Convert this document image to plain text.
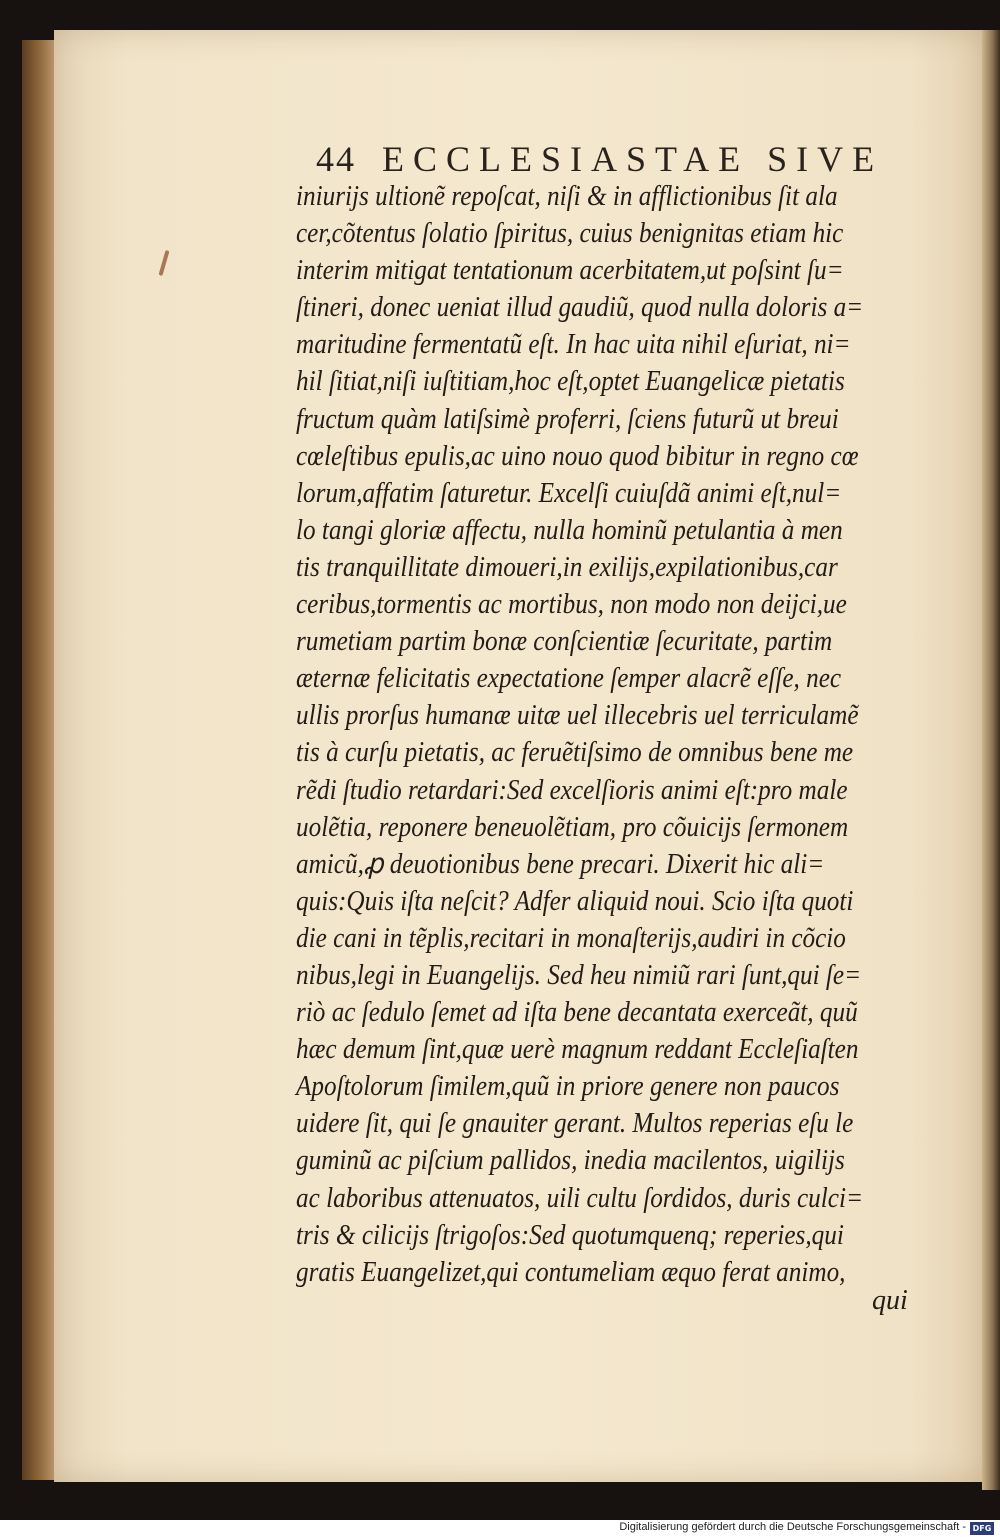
44 ECCLESIASTAE SIVE
iniurijs ultionẽ repoſcat, niſi & in afflictionibus ſit ala
cer,cõtentus ſolatio ſpiritus, cuius benignitas etiam hic
interim mitigat tentationum acerbitatem,ut poſsint ſu=
ſtineri, donec ueniat illud gaudiũ, quod nulla doloris a=
maritudine fermentatũ eſt. In hac uita nihil eſuriat, ni=
hil ſitiat,niſi iuſtitiam,hoc eſt,optet Euangelicæ pietatis
fructum quàm latiſsimè proferri, ſciens futurũ ut breui
cœleſtibus epulis,ac uino nouo quod bibitur in regno cœ
lorum,affatim ſaturetur. Excelſi cuiuſdã animi eſt,nul=
lo tangi gloriæ affectu, nulla hominũ petulantia à men
tis tranquillitate dimoueri,in exilijs,expilationibus,car
ceribus,tormentis ac mortibus, non modo non deijci,ue
rumetiam partim bonæ conſcientiæ ſecuritate, partim
æternæ felicitatis expectatione ſemper alacrẽ eſſe, nec
ullis prorſus humanæ uitæ uel illecebris uel terriculamẽ
tis à curſu pietatis, ac feruẽtiſsimo de omnibus bene me
rẽdi ſtudio retardari:Sed excelſioris animi eſt:pro male
uolẽtia, reponere beneuolẽtiam, pro cõuicijs ſermonem
amicũ,ꝓ deuotionibus bene precari. Dixerit hic ali=
quis:Quis iſta neſcit? Adfer aliquid noui. Scio iſta quoti
die cani in tẽplis,recitari in monaſterijs,audiri in cõcio
nibus,legi in Euangelijs. Sed heu nimiũ rari ſunt,qui ſe=
riò ac ſedulo ſemet ad iſta bene decantata exerceãt, quũ
hæc demum ſint,quæ uerè magnum reddant Eccleſiaſten
Apoſtolorum ſimilem,quũ in priore genere non paucos
uidere ſit, qui ſe gnauiter gerant. Multos reperias eſu le
guminũ ac piſcium pallidos, inedia macilentos, uigilijs
ac laboribus attenuatos, uili cultu ſordidos, duris culci=
tris & cilicijs ſtrigoſos:Sed quotumquenq; reperies,qui
gratis Euangelizet,qui contumeliam æquo ferat animo,
qui
Digitalisierung gefördert durch die Deutsche Forschungsgemeinschaft - DFG
